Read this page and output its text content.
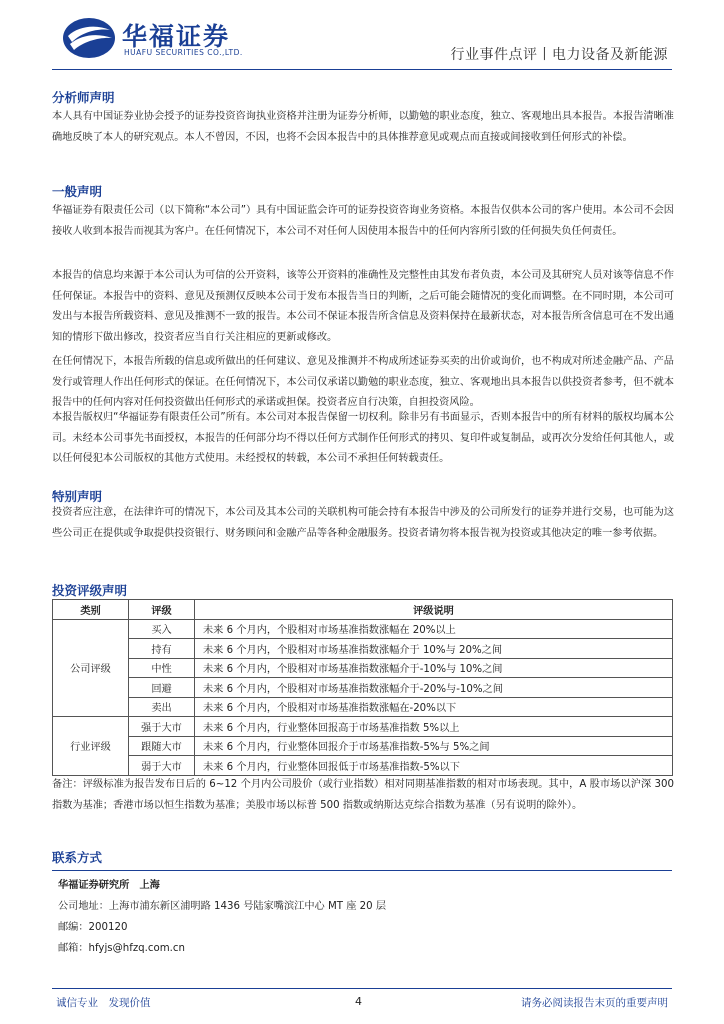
华福证券
HUAFU SECURITIES CO.,LTD.	行业事件点评丨电力设备及新能源
分析师声明
本人具有中国证券业协会授予的证券投资咨询执业资格并注册为证券分析师，以勤勉的职业态度，独立、客观地出具本报告。本报告清晰准确地反映了本人的研究观点。本人不曾因，不因，也将不会因本报告中的具体推荐意见或观点而直接或间接收到任何形式的补偿。
一般声明
华福证券有限责任公司（以下简称“本公司”）具有中国证监会许可的证券投资咨询业务资格。本报告仅供本公司的客户使用。本公司不会因接收人收到本报告而视其为客户。在任何情况下，本公司不对任何人因使用本报告中的任何内容所引致的任何损失负任何责任。
本报告的信息均来源于本公司认为可信的公开资料，该等公开资料的准确性及完整性由其发布者负责，本公司及其研究人员对该等信息不作任何保证。本报告中的资料、意见及预测仅反映本公司于发布本报告当日的判断，之后可能会随情况的变化而调整。在不同时期，本公司可发出与本报告所载资料、意见及推测不一致的报告。本公司不保证本报告所含信息及资料保持在最新状态，对本报告所含信息可在不发出通知的情形下做出修改，投资者应当自行关注相应的更新或修改。
在任何情况下，本报告所载的信息或所做出的任何建议、意见及推测并不构成所述证券买卖的出价或询价，也不构成对所述金融产品、产品发行或管理人作出任何形式的保证。在任何情况下，本公司仅承诺以勤勉的职业态度，独立、客观地出具本报告以供投资者参考，但不就本报告中的任何内容对任何投资做出任何形式的承诺或担保。投资者应自行决策，自担投资风险。
本报告版权归“华福证券有限责任公司”所有。本公司对本报告保留一切权利。除非另有书面显示，否则本报告中的所有材料的版权均属本公司。未经本公司事先书面授权，本报告的任何部分均不得以任何方式制作任何形式的拷贝、复印件或复制品，或再次分发给任何其他人，或以任何侵犯本公司版权的其他方式使用。未经授权的转载，本公司不承担任何转载责任。
特别声明
投资者应注意，在法律许可的情况下，本公司及其本公司的关联机构可能会持有本报告中涉及的公司所发行的证券并进行交易，也可能为这些公司正在提供或争取提供投资银行、财务顾问和金融产品等各种金融服务。投资者请勿将本报告视为投资或其他决定的唯一参考依据。
投资评级声明
类别	评级	评级说明
公司评级	买入	未来 6 个月内，个股相对市场基准指数涨幅在 20%以上
	持有	未来 6 个月内，个股相对市场基准指数涨幅介于 10%与 20%之间
	中性	未来 6 个月内，个股相对市场基准指数涨幅介于-10%与 10%之间
	回避	未来 6 个月内，个股相对市场基准指数涨幅介于-20%与-10%之间
	卖出	未来 6 个月内，个股相对市场基准指数涨幅在-20%以下
行业评级	强于大市	未来 6 个月内，行业整体回报高于市场基准指数 5%以上
	跟随大市	未来 6 个月内，行业整体回报介于市场基准指数-5%与 5%之间
	弱于大市	未来 6 个月内，行业整体回报低于市场基准指数-5%以下
备注：评级标准为报告发布日后的 6~12 个月内公司股价（或行业指数）相对同期基准指数的相对市场表现。其中，A 股市场以沪深 300 指数为基准；香港市场以恒生指数为基准；美股市场以标普 500 指数或纳斯达克综合指数为基准（另有说明的除外）。
联系方式
华福证券研究所　上海
公司地址：上海市浦东新区浦明路 1436 号陆家嘴滨江中心 MT 座 20 层
邮编：200120
邮箱：hfyjs@hfzq.com.cn
诚信专业　发现价值	4	请务必阅读报告末页的重要声明
